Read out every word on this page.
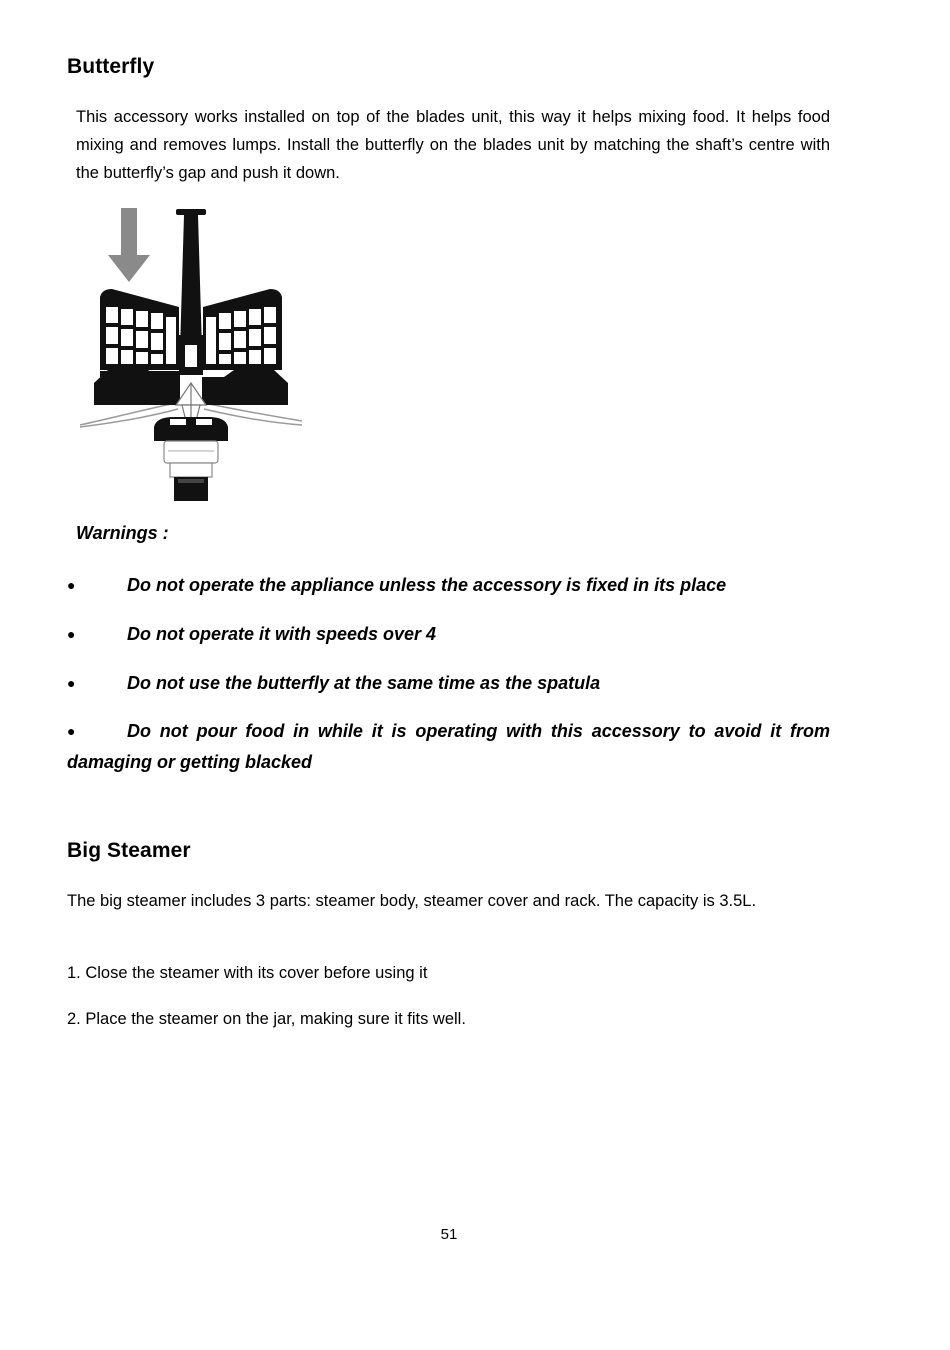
Butterfly

This accessory works installed on top of the blades unit, this way it helps mixing food. It helps food mixing and removes lumps. Install the butterfly on the blades unit by matching the shaft’s centre with the butterfly’s gap and push it down.

Warnings :
●	Do not operate the appliance unless the accessory is fixed in its place
●	Do not operate it with speeds over 4
●	Do not use the butterfly at the same time as the spatula
●	Do not pour food in while it is operating with this accessory to avoid it from damaging or getting blacked
Big Steamer

The big steamer includes 3 parts: steamer body, steamer cover and rack. The capacity is 3.5L.

1. Close the steamer with its cover before using it
2. Place the steamer on the jar, making sure it fits well.
51
